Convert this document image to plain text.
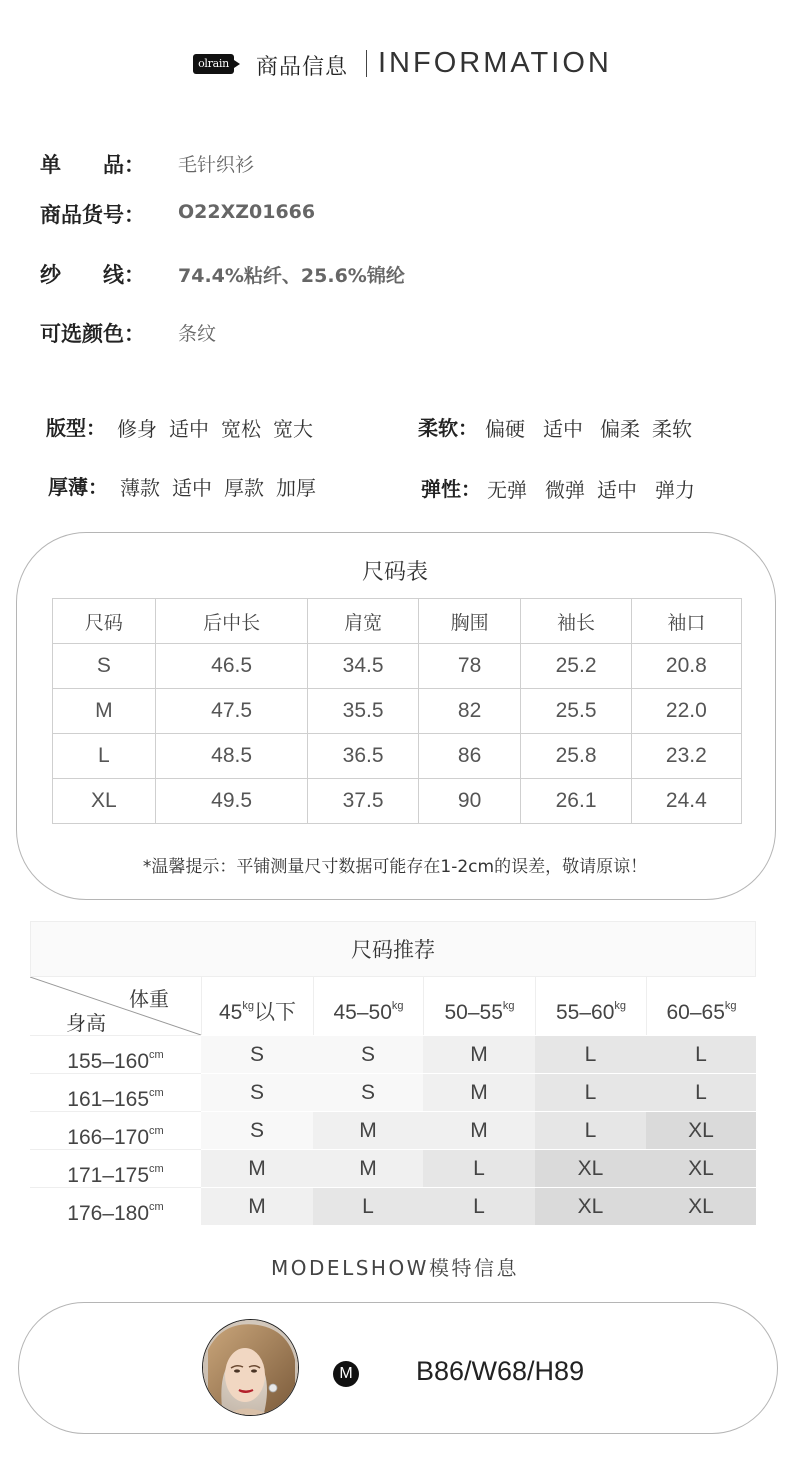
olrain 商品信息 INFORMATION
单　　品： 毛针织衫
商品货号： O22XZ01666
纱　　线： 74.4%粘纤、25.6%锦纶
可选颜色： 条纹
版型： 修身 适中 宽松 宽大	柔软： 偏硬 适中 偏柔 柔软
厚薄： 薄款 适中 厚款 加厚	弹性： 无弹 微弹 适中 弹力
尺码表
尺码	后中长	肩宽	胸围	袖长	袖口
S	46.5	34.5	78	25.2	20.8
M	47.5	35.5	82	25.5	22.0
L	48.5	36.5	86	25.8	23.2
XL	49.5	37.5	90	26.1	24.4
*温馨提示：平铺测量尺寸数据可能存在1-2cm的误差，敬请原谅！
尺码推荐
体重
身高	$45^{kg}$以下	$45-50^{kg}$	$50-55^{kg}$	$55-60^{kg}$	$60-65^{kg}$
$155-160^{cm}$	S	S	M	L	L
$161-165^{cm}$	S	S	M	L	L
$166-170^{cm}$	S	M	M	L	XL
$171-175^{cm}$	M	M	L	XL	XL
$176-180^{cm}$	M	L	L	XL	XL
MODELSHOW模特信息
M B86/W68/H89
